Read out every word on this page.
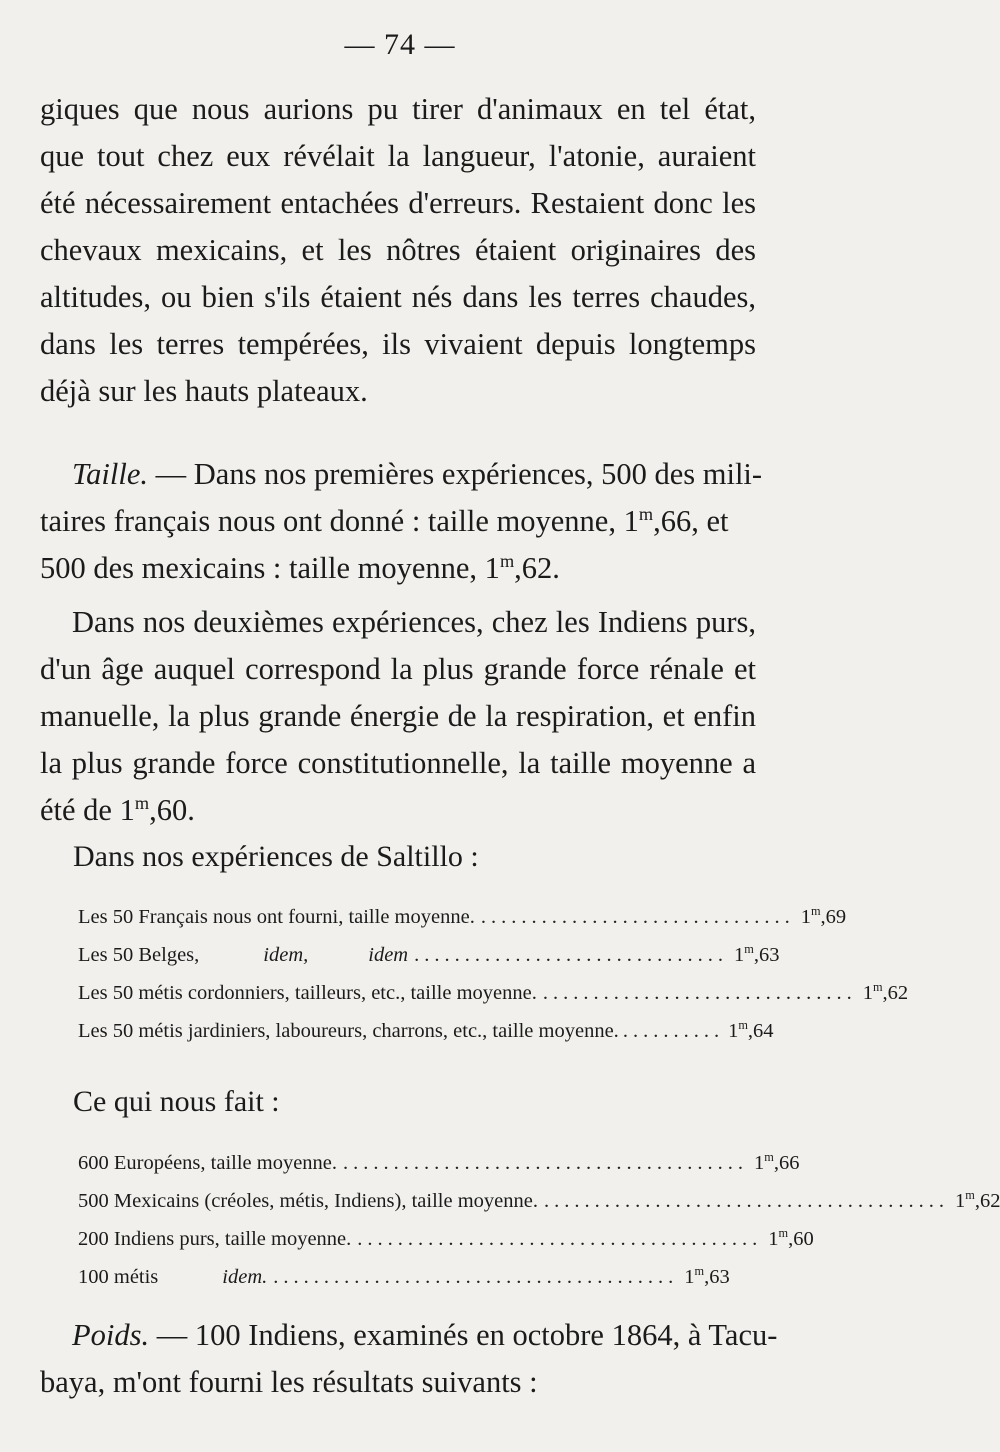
— 74 —
giques que nous aurions pu tirer d'animaux en tel état,
que tout chez eux révélait la langueur, l'atonie, auraient
été nécessairement entachées d'erreurs. Restaient donc les
chevaux mexicains, et les nôtres étaient originaires des
altitudes, ou bien s'ils étaient nés dans les terres chaudes,
dans les terres tempérées, ils vivaient depuis longtemps
déjà sur les hauts plateaux.
Taille. — Dans nos premières expériences, 500 des mili-
taires français nous ont donné : taille moyenne, 1$^m$,66, et
500 des mexicains : taille moyenne, 1$^m$,62.
Dans nos deuxièmes expériences, chez les Indiens purs,
d'un âge auquel correspond la plus grande force rénale et
manuelle, la plus grande énergie de la respiration, et enfin
la plus grande force constitutionnelle, la taille moyenne a
été de 1$^m$,60.
Dans nos expériences de Saltillo :
Les 50 Français nous ont fourni, taille moyenne. ............................... 1$^m$,69
Les 50 Belges,	idem,	idem ............................... 1$^m$,63
Les 50 métis cordonniers, tailleurs, etc., taille moyenne. ............................... 1$^m$,62
Les 50 métis jardiniers, laboureurs, charrons, etc., taille moyenne. .......... 1$^m$,64
Ce qui nous fait :
600 Européens, taille moyenne. ........................................ 1$^m$,66
500 Mexicains (créoles, métis, Indiens), taille moyenne. ........................................ 1$^m$,62
200 Indiens purs, taille moyenne. ........................................ 1$^m$,60
100 métis	idem. ........................................ 1$^m$,63
Poids. — 100 Indiens, examinés en octobre 1864, à Tacu-
baya, m'ont fourni les résultats suivants :
